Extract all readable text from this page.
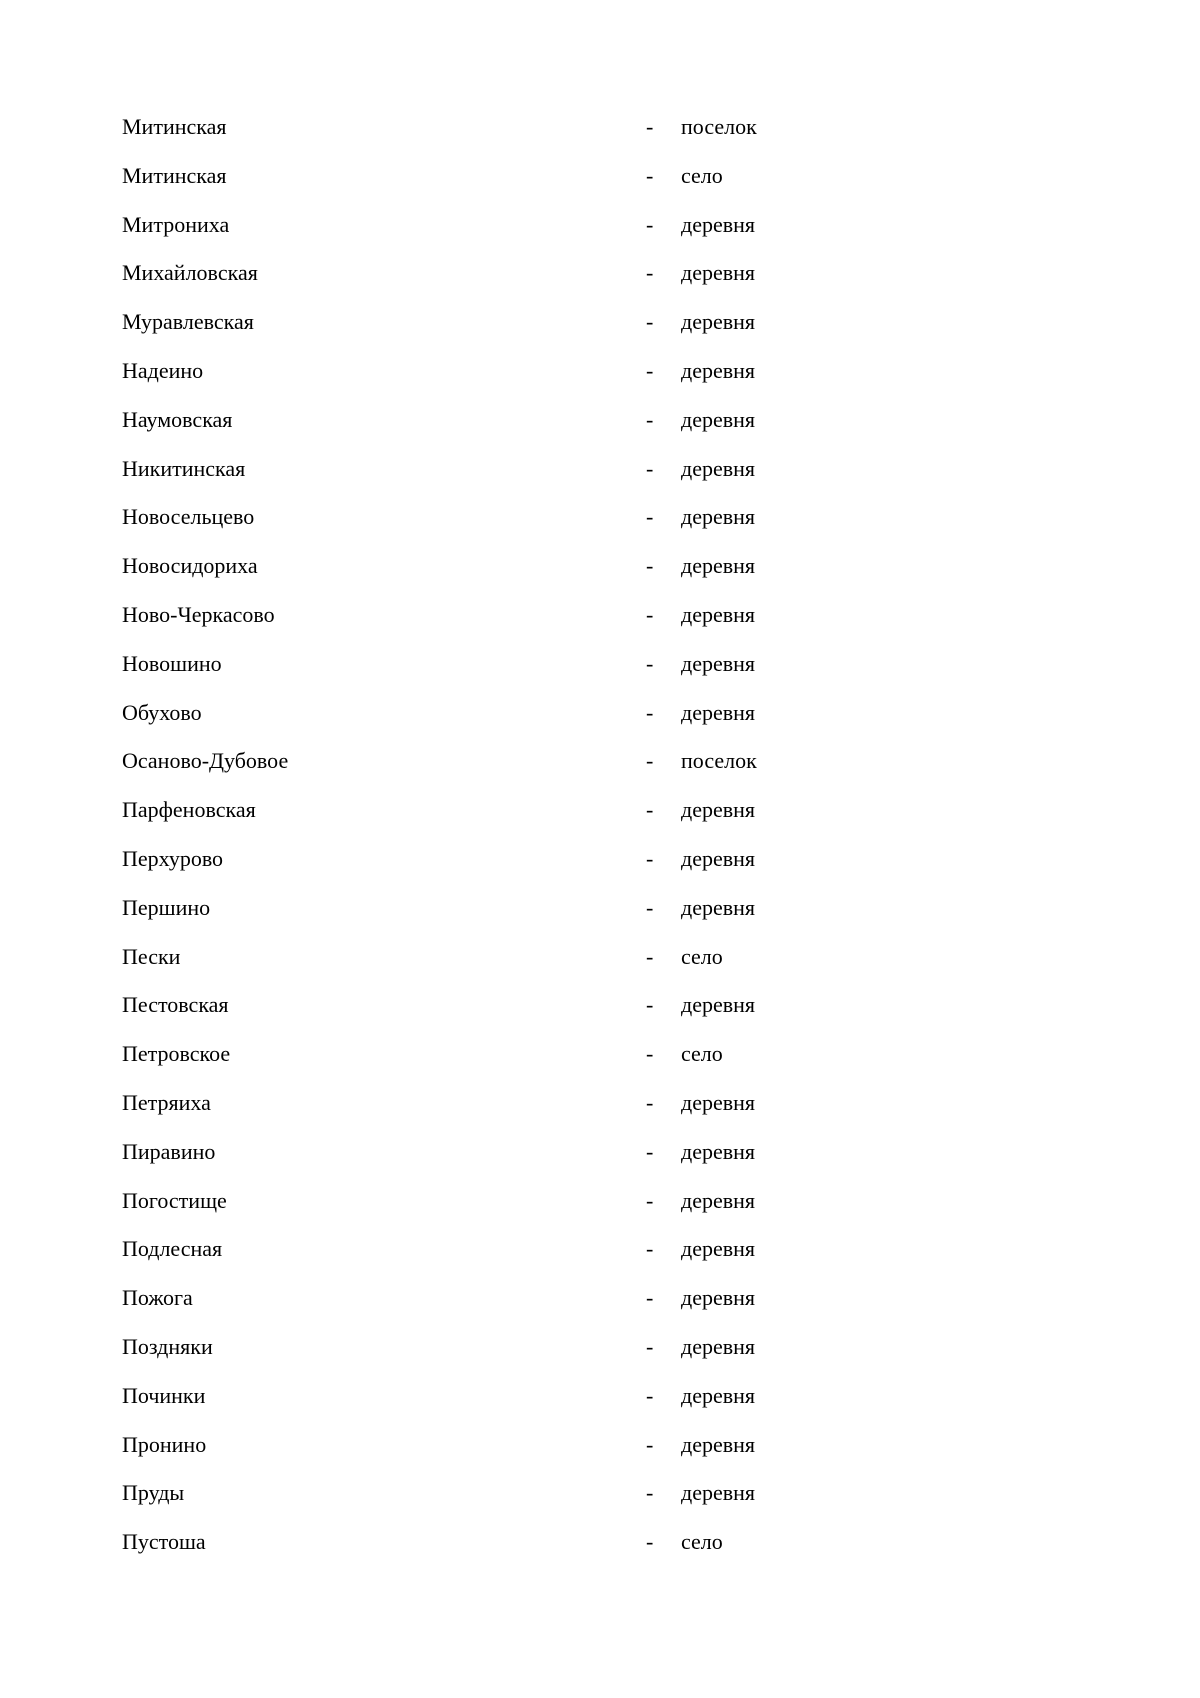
Митинская	- поселок
Митинская	- село
Митрониха	- деревня
Михайловская	- деревня
Муравлевская	- деревня
Надеино	- деревня
Наумовская	- деревня
Никитинская	- деревня
Новосельцево	- деревня
Новосидориха	- деревня
Ново-Черкасово	- деревня
Новошино	- деревня
Обухово	- деревня
Осаново-Дубовое	- поселок
Парфеновская	- деревня
Перхурово	- деревня
Першино	- деревня
Пески	- село
Пестовская	- деревня
Петровское	- село
Петряиха	- деревня
Пиравино	- деревня
Погостище	- деревня
Подлесная	- деревня
Пожога	- деревня
Поздняки	- деревня
Починки	- деревня
Пронино	- деревня
Пруды	- деревня
Пустоша	- село
